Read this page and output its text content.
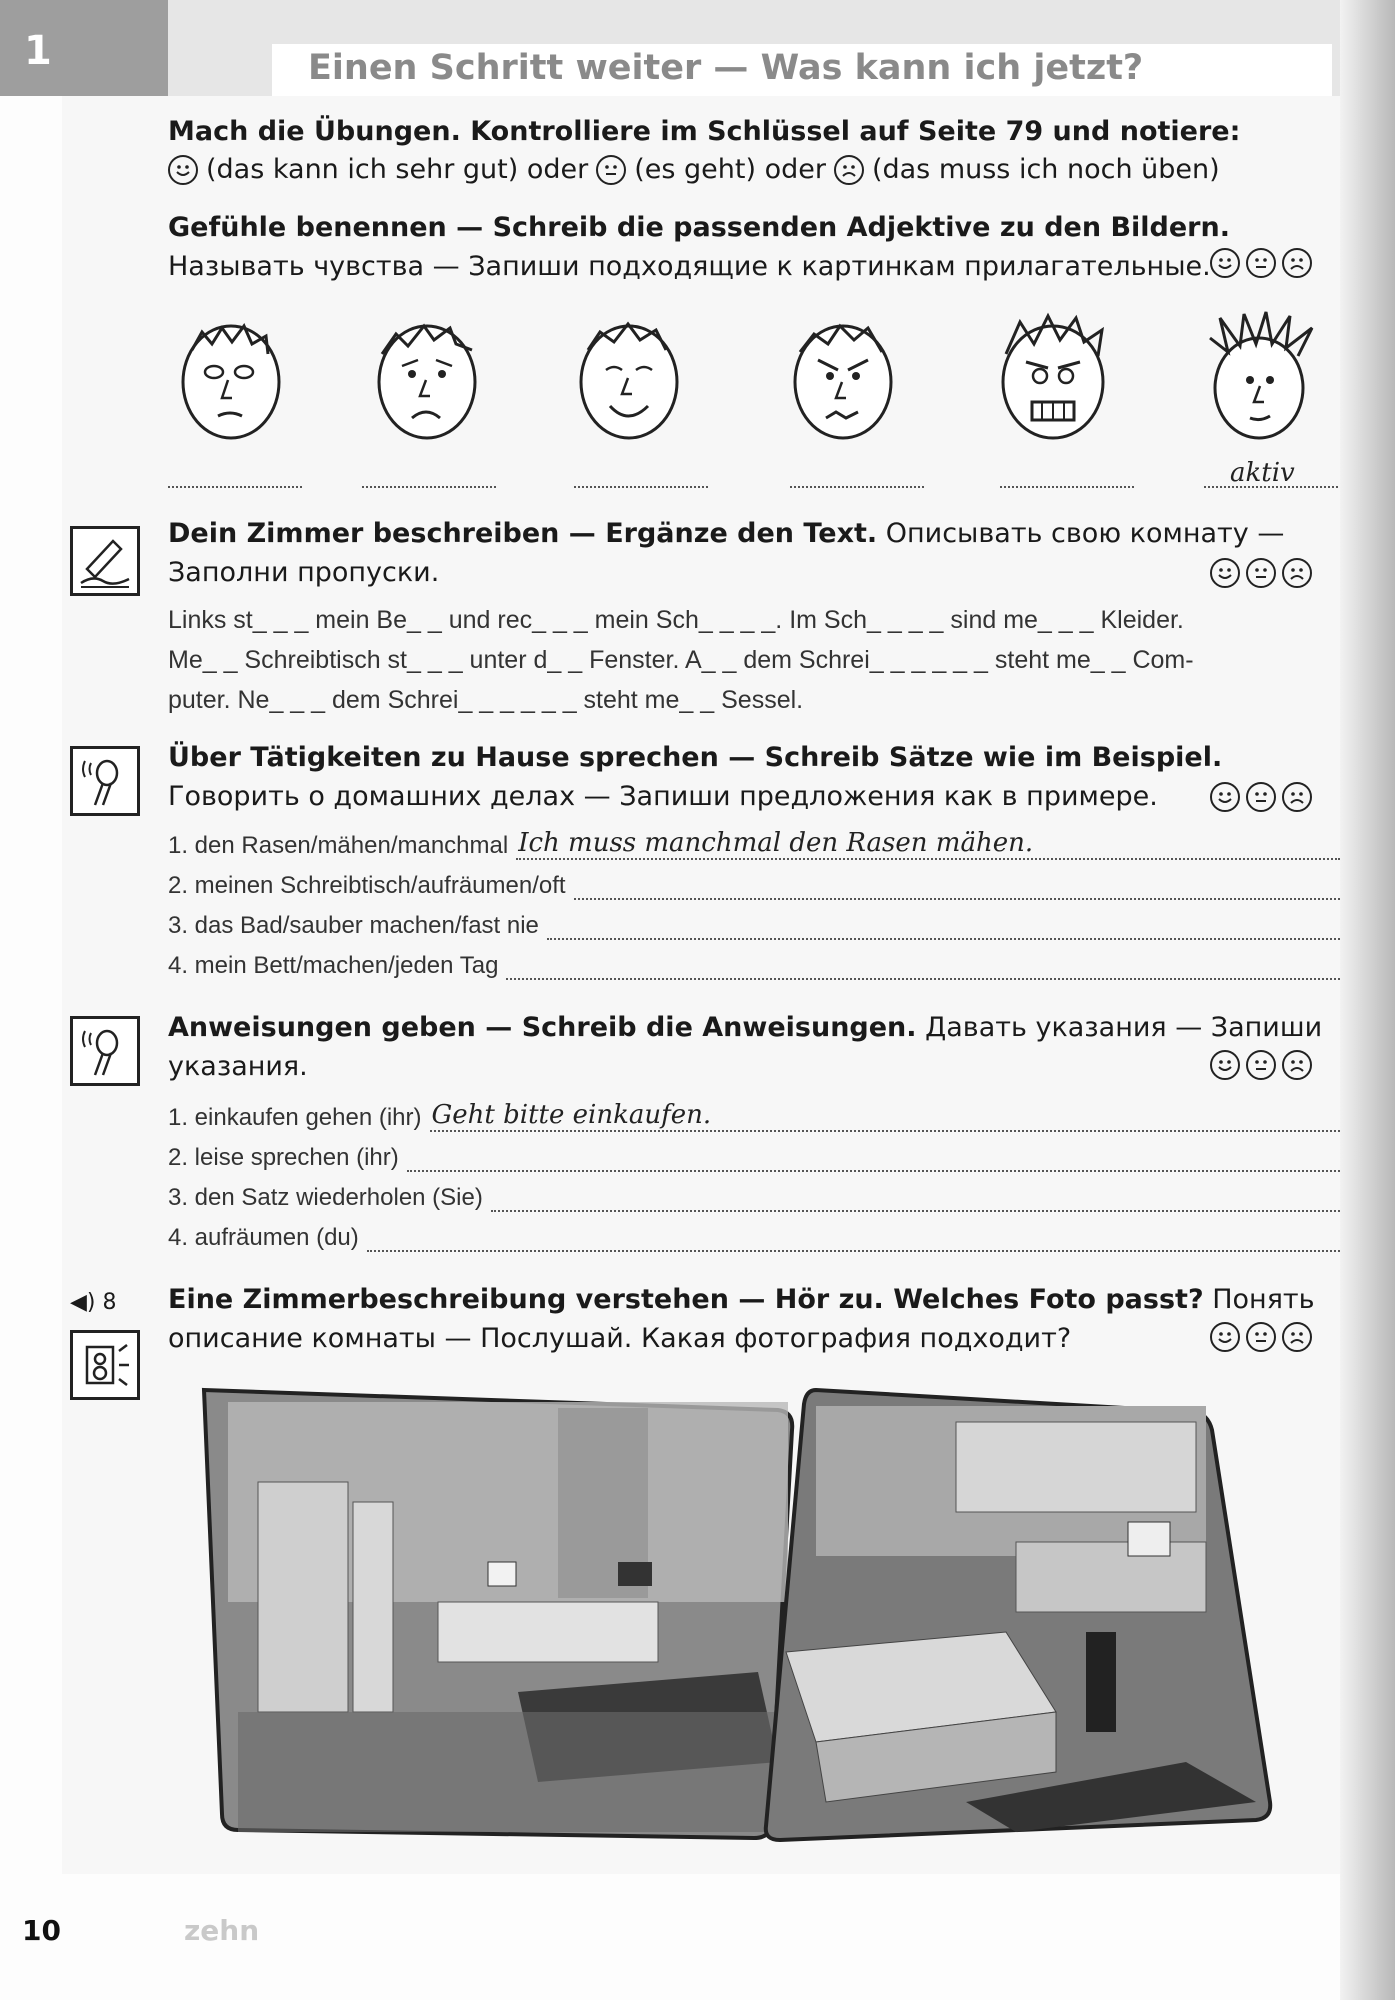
1	Einen Schritt weiter — Was kann ich jetzt?
Mach die Übungen. Kontrolliere im Schlüssel auf Seite 79 und notiere:
(das kann ich sehr gut) oder (es geht) oder (das muss ich noch üben)
Gefühle benennen — Schreib die passenden Adjektive zu den Bildern. Называть чувства — Запиши подходящие к картинкам прилагательные.
aktiv
Dein Zimmer beschreiben — Ergänze den Text. Описывать свою комнату — Заполни пропуски.
Links st_ _ _ mein Be_ _ und rec_ _ _ mein Sch_ _ _ _. Im Sch_ _ _ _ sind me_ _ _ Kleider.
Me_ _ Schreibtisch st_ _ _ unter d_ _ Fenster. A_ _ dem Schrei_ _ _ _ _ _ steht me_ _ Com-
puter. Ne_ _ _ dem Schrei_ _ _ _ _ _ steht me_ _ Sessel.
Über Tätigkeiten zu Hause sprechen — Schreib Sätze wie im Beispiel. Говорить о домашних делах — Запиши предложения как в примере.
1. den Rasen/mähen/manchmal Ich muss manchmal den Rasen mähen.
2. meinen Schreibtisch/aufräumen/oft
3. das Bad/sauber machen/fast nie
4. mein Bett/machen/jeden Tag
Anweisungen geben — Schreib die Anweisungen. Давать указания — Запиши указания.
1. einkaufen gehen (ihr) Geht bitte einkaufen.
2. leise sprechen (ihr)
3. den Satz wiederholen (Sie)
4. aufräumen (du)
◀) 8 Eine Zimmerbeschreibung verstehen — Hör zu. Welches Foto passt? Понять описание комнаты — Послушай. Какая фотография подходит?
10	zehn
